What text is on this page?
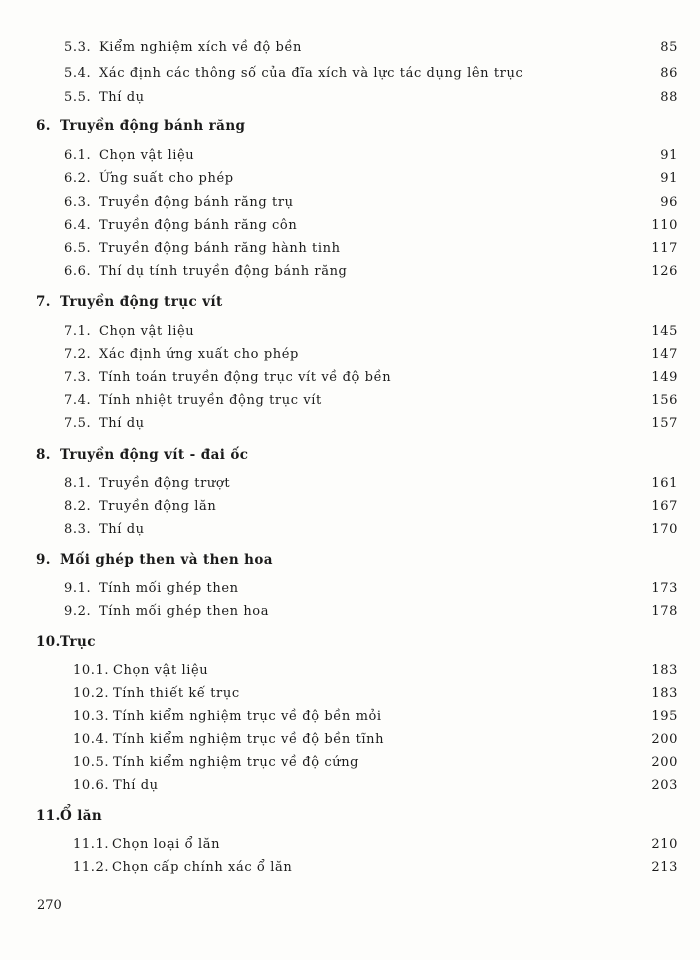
5.3. Kiểm nghiệm xích về độ bền	85
5.4. Xác định các thông số của đĩa xích và lực tác dụng lên trục	86
5.5. Thí dụ	88
6. Truyền động bánh răng
6.1. Chọn vật liệu	91
6.2. Ứng suất cho phép	91
6.3. Truyền động bánh răng trụ	96
6.4. Truyền động bánh răng côn	110
6.5. Truyền động bánh răng hành tinh	117
6.6. Thí dụ tính truyền động bánh răng	126
7. Truyền động trục vít
7.1. Chọn vật liệu	145
7.2. Xác định ứng xuất cho phép	147
7.3. Tính toán truyền động trục vít về độ bền	149
7.4. Tính nhiệt truyền động trục vít	156
7.5. Thí dụ	157
8. Truyền động vít - đai ốc
8.1. Truyền động trượt	161
8.2. Truyền động lăn	167
8.3. Thí dụ	170
9. Mối ghép then và then hoa
9.1. Tính mối ghép then	173
9.2. Tính mối ghép then hoa	178
10. Trục
10.1. Chọn vật liệu	183
10.2. Tính thiết kế trục	183
10.3. Tính kiểm nghiệm trục về độ bền mỏi	195
10.4. Tính kiểm nghiệm trục về độ bền tĩnh	200
10.5. Tính kiểm nghiệm trục về độ cứng	200
10.6. Thí dụ	203
11. Ổ lăn
11.1. Chọn loại ổ lăn	210
11.2. Chọn cấp chính xác ổ lăn	213
270
